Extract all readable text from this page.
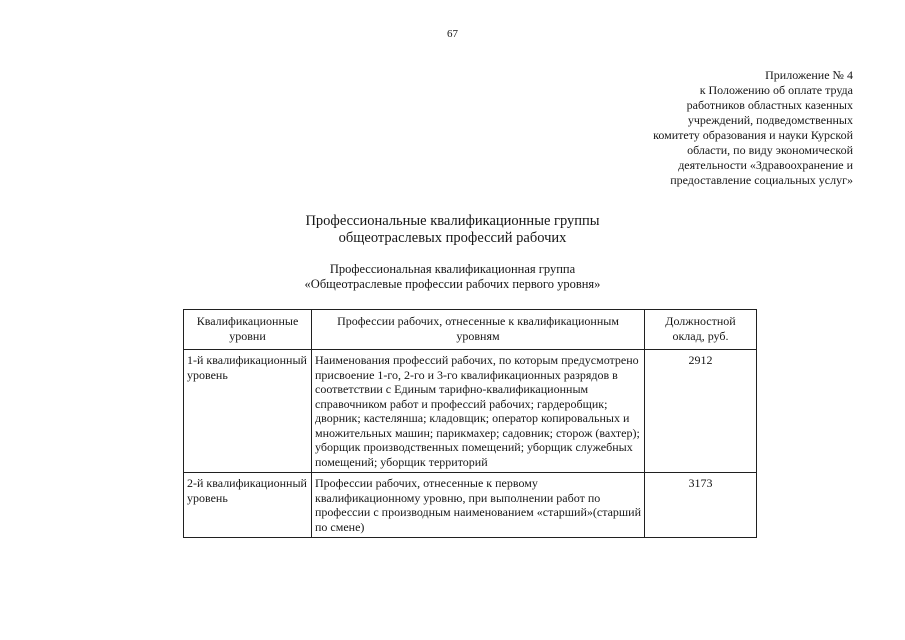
67
Приложение № 4
к Положению об оплате труда
работников областных казенных
учреждений, подведомственных
комитету образования и науки Курской
области, по виду экономической
деятельности «Здравоохранение и
предоставление социальных услуг»
Профессиональные квалификационные группы
общеотраслевых профессий рабочих
Профессиональная квалификационная группа
«Общеотраслевые профессии рабочих первого уровня»
Квалификационные уровни	Профессии рабочих, отнесенные к квалификационным уровням	Должностной оклад, руб.
1-й квалификационный уровень	Наименования профессий рабочих, по которым предусмотрено присвоение 1-го, 2-го и 3-го квалификационных разрядов в соответствии с Единым тарифно-квалификационным справочником работ и профессий рабочих; гардеробщик; дворник; кастелянша; кладовщик; оператор копировальных и множительных машин; парикмахер; садовник; сторож (вахтер); уборщик производственных помещений; уборщик служебных помещений; уборщик территорий	2912
2-й квалификационный уровень	Профессии рабочих, отнесенные к первому квалификационному уровню, при выполнении работ по профессии с производным наименованием «старший»(старший по смене)	3173
